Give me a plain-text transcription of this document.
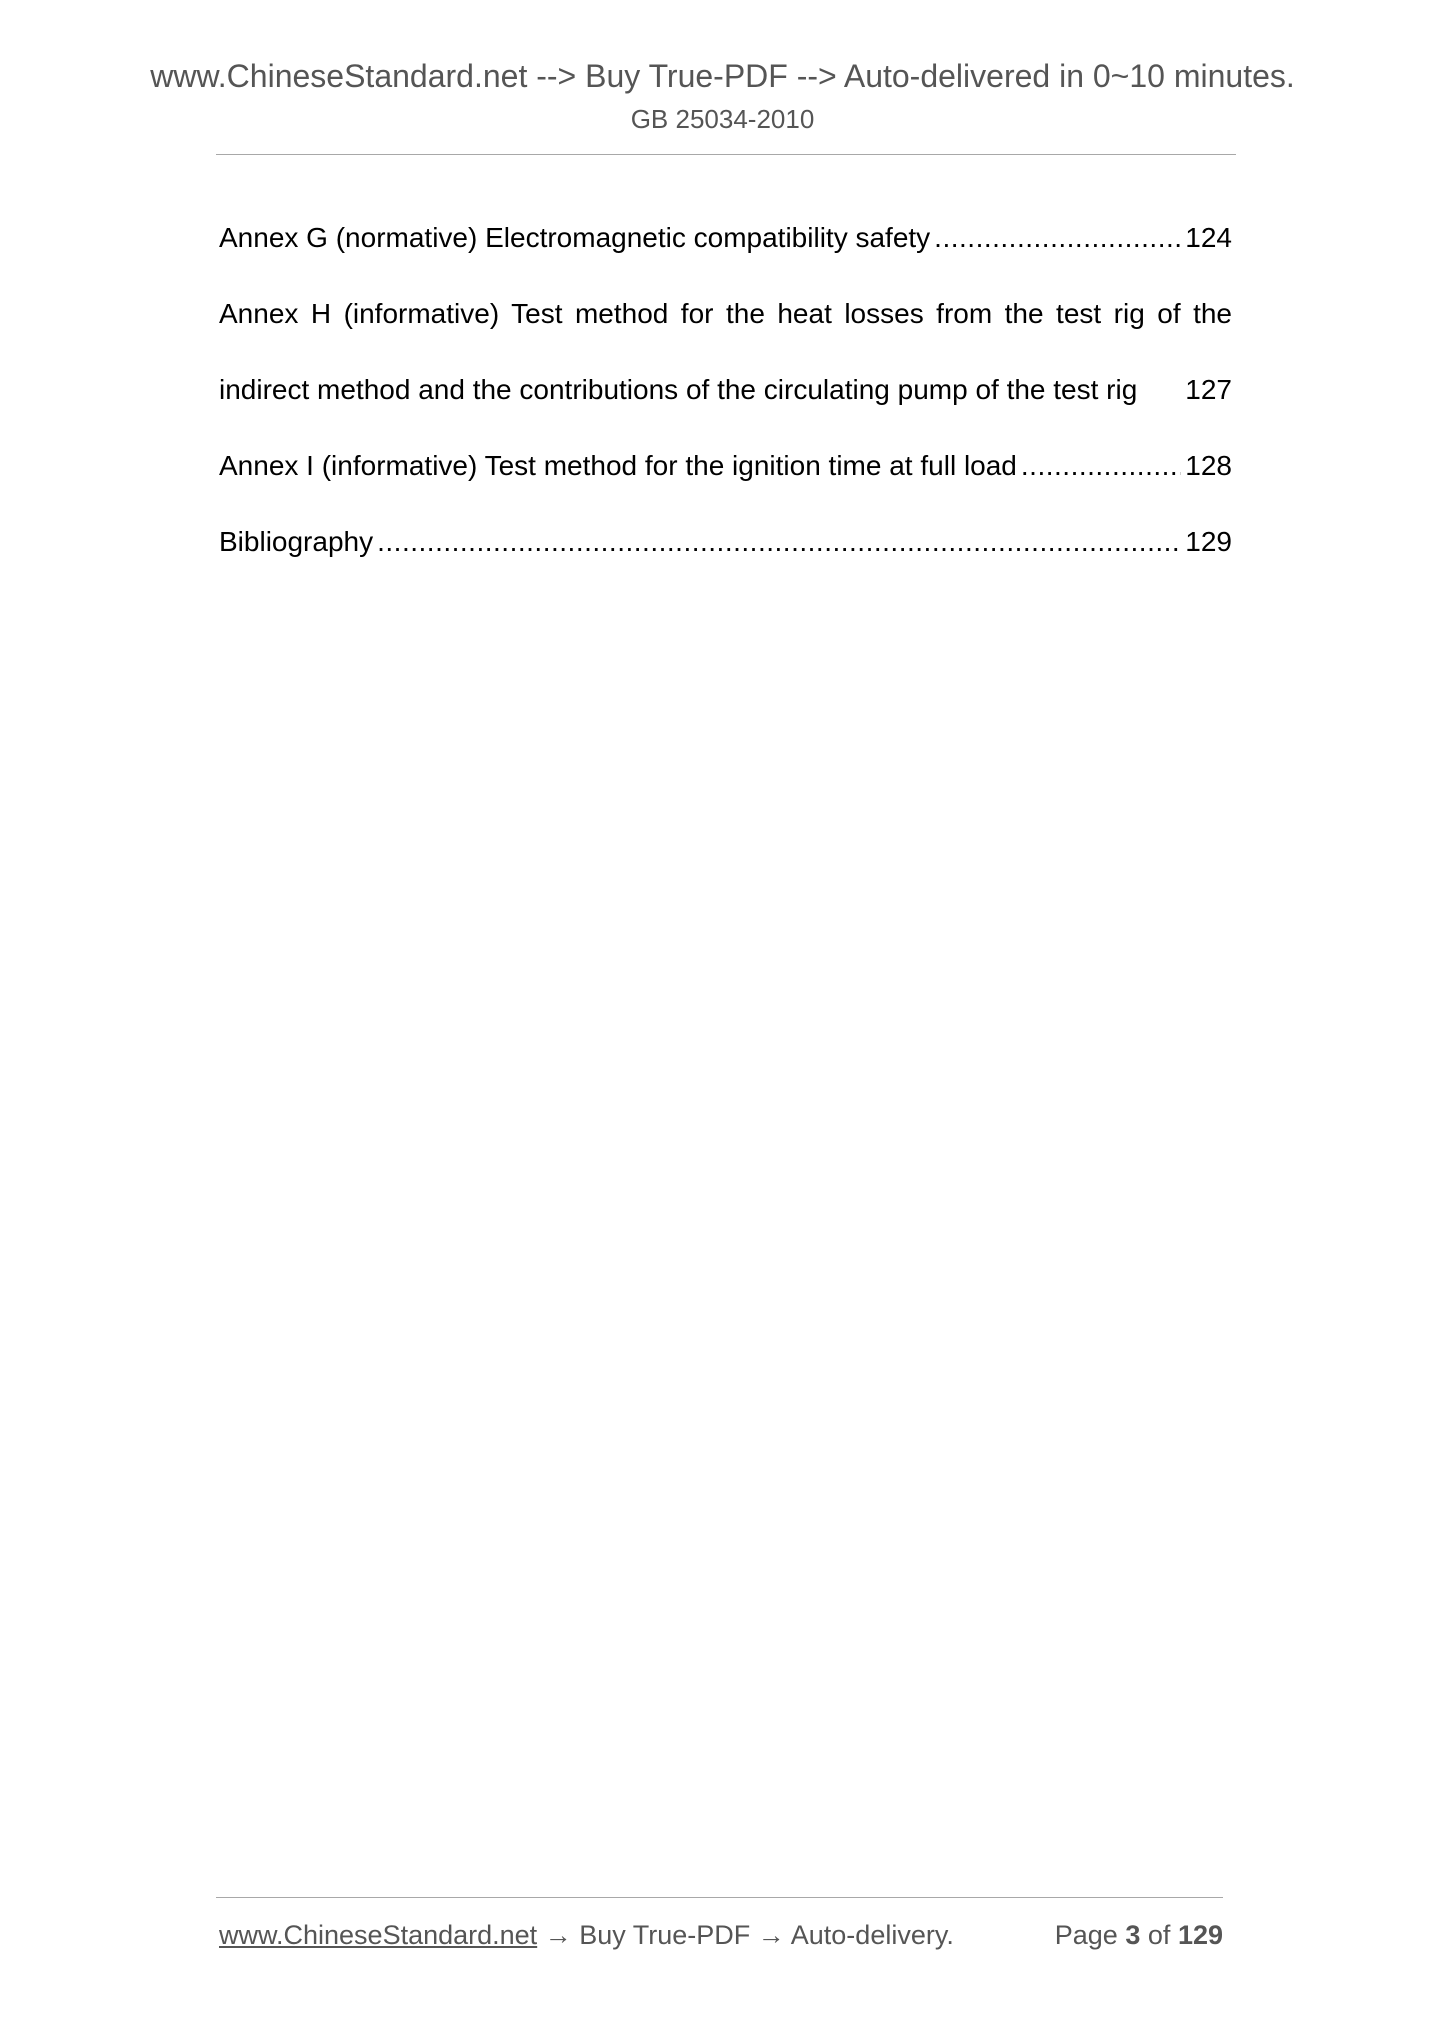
www.ChineseStandard.net --> Buy True-PDF --> Auto-delivered in 0~10 minutes.
GB 25034-2010
Annex G (normative) Electromagnetic compatibility safety .....	124
Annex H (informative) Test method for the heat losses from the test rig of the
indirect method and the contributions of the circulating pump of the test rig 127
Annex I (informative) Test method for the ignition time at full load .....	128
Bibliography .....	129
www.ChineseStandard.net → Buy True-PDF → Auto-delivery.	Page 3 of 129
